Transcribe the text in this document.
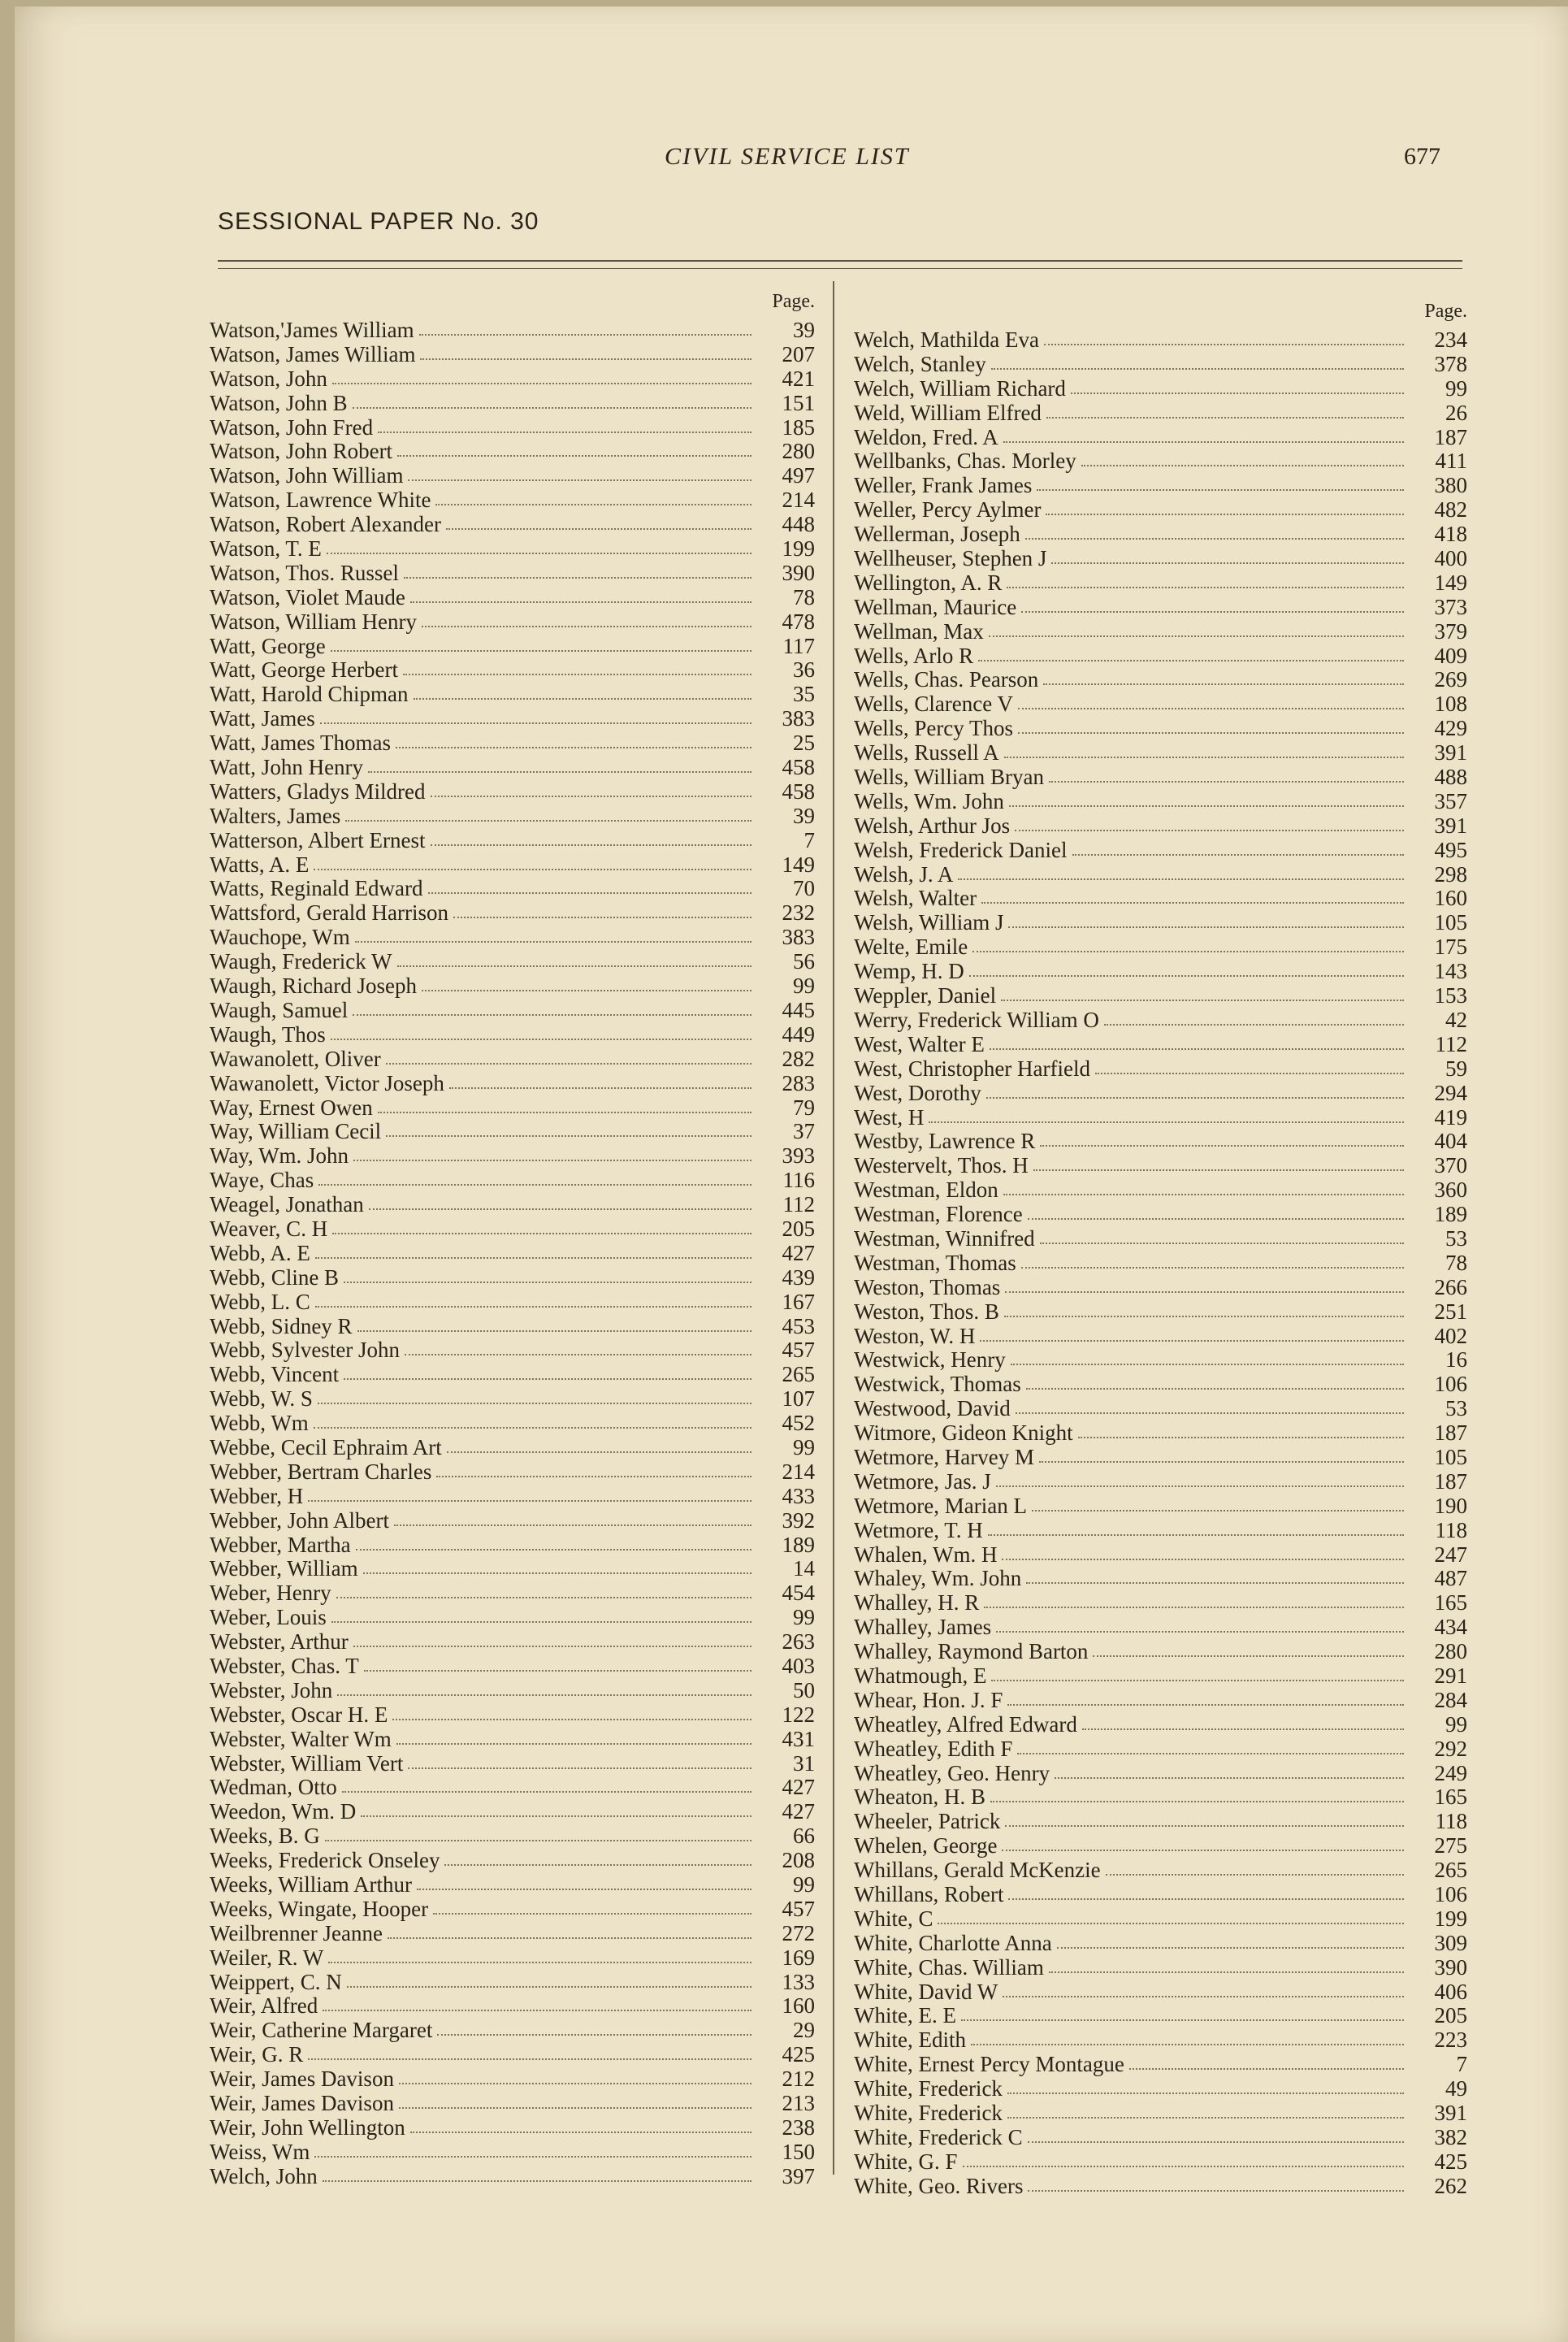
CIVIL SERVICE LIST	677
SESSIONAL PAPER No. 30
Page.
Watson,'James William	39
Watson, James William	207
Watson, John	421
Watson, John B	151
Watson, John Fred	185
Watson, John Robert	280
Watson, John William	497
Watson, Lawrence White	214
Watson, Robert Alexander	448
Watson, T. E	199
Watson, Thos. Russel	390
Watson, Violet Maude	78
Watson, William Henry	478
Watt, George	117
Watt, George Herbert	36
Watt, Harold Chipman	35
Watt, James	383
Watt, James Thomas	25
Watt, John Henry	458
Watters, Gladys Mildred	458
Walters, James	39
Watterson, Albert Ernest	7
Watts, A. E	149
Watts, Reginald Edward	70
Wattsford, Gerald Harrison	232
Wauchope, Wm	383
Waugh, Frederick W	56
Waugh, Richard Joseph	99
Waugh, Samuel	445
Waugh, Thos	449
Wawanolett, Oliver	282
Wawanolett, Victor Joseph	283
Way, Ernest Owen	79
Way, William Cecil	37
Way, Wm. John	393
Waye, Chas	116
Weagel, Jonathan	112
Weaver, C. H	205
Webb, A. E	427
Webb, Cline B	439
Webb, L. C	167
Webb, Sidney R	453
Webb, Sylvester John	457
Webb, Vincent	265
Webb, W. S	107
Webb, Wm	452
Webbe, Cecil Ephraim Art	99
Webber, Bertram Charles	214
Webber, H	433
Webber, John Albert	392
Webber, Martha	189
Webber, William	14
Weber, Henry	454
Weber, Louis	99
Webster, Arthur	263
Webster, Chas. T	403
Webster, John	50
Webster, Oscar H. E	122
Webster, Walter Wm	431
Webster, William Vert	31
Wedman, Otto	427
Weedon, Wm. D	427
Weeks, B. G	66
Weeks, Frederick Onseley	208
Weeks, William Arthur	99
Weeks, Wingate, Hooper	457
Weilbrenner Jeanne	272
Weiler, R. W	169
Weippert, C. N	133
Weir, Alfred	160
Weir, Catherine Margaret	29
Weir, G. R	425
Weir, James Davison	212
Weir, James Davison	213
Weir, John Wellington	238
Weiss, Wm	150
Welch, John	397
Page.
Welch, Mathilda Eva	234
Welch, Stanley	378
Welch, William Richard	99
Weld, William Elfred	26
Weldon, Fred. A	187
Wellbanks, Chas. Morley	411
Weller, Frank James	380
Weller, Percy Aylmer	482
Wellerman, Joseph	418
Wellheuser, Stephen J	400
Wellington, A. R	149
Wellman, Maurice	373
Wellman, Max	379
Wells, Arlo R	409
Wells, Chas. Pearson	269
Wells, Clarence V	108
Wells, Percy Thos	429
Wells, Russell A	391
Wells, William Bryan	488
Wells, Wm. John	357
Welsh, Arthur Jos	391
Welsh, Frederick Daniel	495
Welsh, J. A	298
Welsh, Walter	160
Welsh, William J	105
Welte, Emile	175
Wemp, H. D	143
Weppler, Daniel	153
Werry, Frederick William O	42
West, Walter E	112
West, Christopher Harfield	59
West, Dorothy	294
West, H	419
Westby, Lawrence R	404
Westervelt, Thos. H	370
Westman, Eldon	360
Westman, Florence	189
Westman, Winnifred	53
Westman, Thomas	78
Weston, Thomas	266
Weston, Thos. B	251
Weston, W. H	402
Westwick, Henry	16
Westwick, Thomas	106
Westwood, David	53
Witmore, Gideon Knight	187
Wetmore, Harvey M	105
Wetmore, Jas. J	187
Wetmore, Marian L	190
Wetmore, T. H	118
Whalen, Wm. H	247
Whaley, Wm. John	487
Whalley, H. R	165
Whalley, James	434
Whalley, Raymond Barton	280
Whatmough, E	291
Whear, Hon. J. F	284
Wheatley, Alfred Edward	99
Wheatley, Edith F	292
Wheatley, Geo. Henry	249
Wheaton, H. B	165
Wheeler, Patrick	118
Whelen, George	275
Whillans, Gerald McKenzie	265
Whillans, Robert	106
White, C	199
White, Charlotte Anna	309
White, Chas. William	390
White, David W	406
White, E. E	205
White, Edith	223
White, Ernest Percy Montague	7
White, Frederick	49
White, Frederick	391
White, Frederick C	382
White, G. F	425
White, Geo. Rivers	262
